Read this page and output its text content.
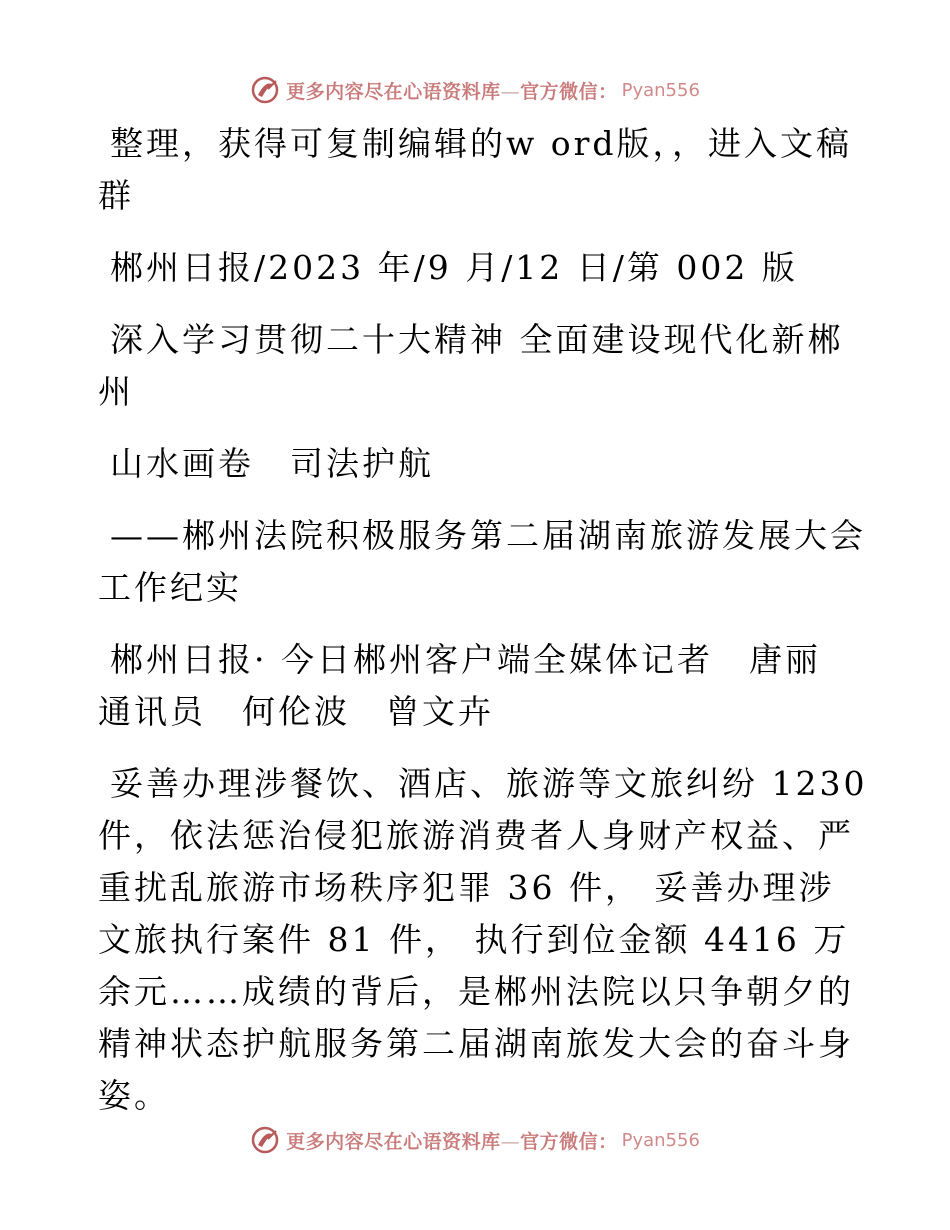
更多内容尽在心语资料库—官方微信： Pyan556

整理，获得可复制编辑的w ord版，，进入文稿群

郴州日报/2023 年/9 月/12 日/第 002 版

深入学习贯彻二十大精神 全面建设现代化新郴州

山水画卷　司法护航

——郴州法院积极服务第二届湖南旅游发展大会工作纪实

郴州日报· 今日郴州客户端全媒体记者　唐丽　通讯员　何伦波　曾文卉

妥善办理涉餐饮、酒店、旅游等文旅纠纷 1230 件，依法惩治侵犯旅游消费者人身财产权益、严重扰乱旅游市场秩序犯罪 36 件， 妥善办理涉文旅执行案件 81 件， 执行到位金额 4416 万余元……成绩的背后，是郴州法院以只争朝夕的精神状态护航服务第二届湖南旅发大会的奋斗身姿。

更多内容尽在心语资料库—官方微信： Pyan556
